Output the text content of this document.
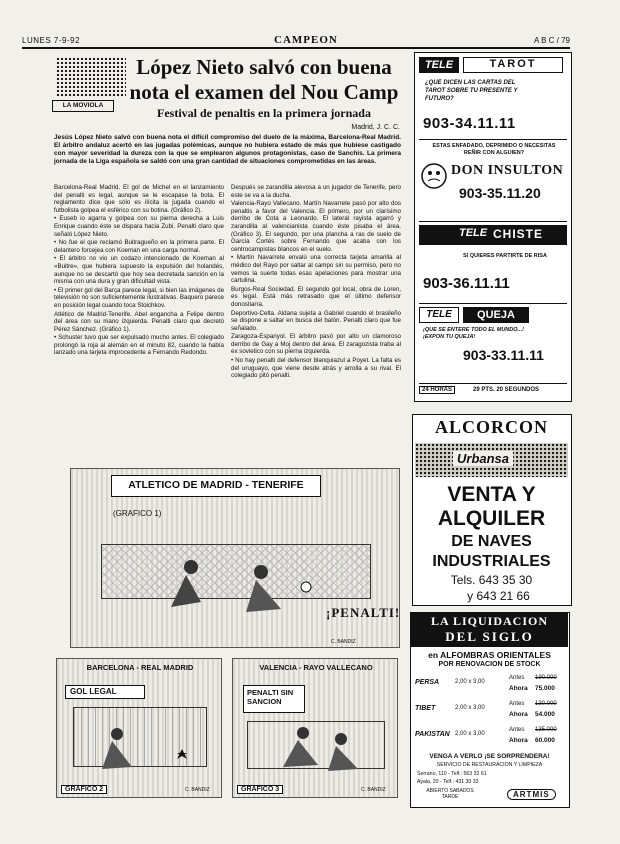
LUNES 7-9-92	CAMPEON	A B C / 79
LA MOVIOLA
López Nieto salvó con buena
nota el examen del Nou Camp
Festival de penaltis en la primera jornada
Madrid, J. C. C.
Jesús López Nieto salvó con buena nota el difícil compromiso del duelo de la máxima, Barcelona-Real Madrid. El árbitro andaluz acertó en las jugadas polémicas, aunque no hubiera estado de más que hubiese castigado con mayor severidad la dureza con la que se emplearon algunos protagonistas, caso de Sanchís. La primera jornada de la Liga española se saldó con una gran cantidad de situaciones comprometidas en las áreas.

Barcelona-Real Madrid. El gol de Michel en el lanzamiento del penalti es legal, aunque se le escapase la bota. El reglamento dice que sólo es ilícita la jugada cuando el futbolista golpea el esférico con su botina. (Gráfico 2).

• Euseb io agarra y golpea con su pierna derecha a Luis Enrique cuando éste se dispara hacia Zubi. Penalti claro que señaló López Nieto.

• No fue el que reclamó Buitragueño en la primera parte. El delantero forcejea con Koeman en una carga normal.

• El árbitro no vio un codazo intencionado de Koeman al «Buitre», que hubiera supuesto la expulsión del holandés, aunque no se descartó que hoy sea decretada sanción en la misma con una dura y gran dificultad vista.

• El primer gol del Barça parece legal, si bien las imágenes de televisión no son suficientemente ilustrativas. Baquero parece en posición legal cuando toca Stoichkov.

Atlético de Madrid-Tenerife. Abel engancha a Felipe dentro del área con su mano izquierda. Penalti claro que decretó Pérez Sánchez. (Gráfico 1).

• Schuster tuvo que ser expulsado mucho antes. El colegiado prolongó la roja al alemán en el minuto 82, cuando la había lanzado una tarjeta improcedente a Fernando Redondo.

Después se zarandilla alevosa a un jugador de Tenerife, pero este se va a la ducha.

Valencia-Rayo Vallecano. Martín Navarrete pasó por alto dos penaltis a favor del Valencia. El primero, por un clarísimo derribo de Cota a Leonardo. El lateral rayista agarró y zarandilla al valencianista cuando éste pisaba el área. (Gráfico 3). El segundo, por una plancha a ras de suelo de García Cortés sobre Fernando que acaba con los centrocampistas blancos en el suelo.

• Martín Navarrete envalú una correcta tarjeta amarilla al médico del Rayo por saltar al campo sin su permiso, pero no vemos la suerte todas esas apelaciones para mostrar una cartulina.

Burgos-Real Sociedad. El segundo gol local, obra de Loren, es legal. Está más retrasado que el último defensor donostiarra.

Deportivo-Celta. Aldana sujeta a Gabriel cuando el brasileño se dispone a saltar en busca del balón. Penalti claro que fue señalado.

Zaragoza-Espanyol. El árbitro pasó por alto un clamoroso derribo de Gay a Moj dentro del área. El zaragozista traba al ex sovietico con su pierna izquierda.

• No hay penalti del defensor blanquiazul a Poyet. La falta es del uruguayo, que viene desde atrás y arrolla a su rival. El colegiado pitó penalti.

ATLETICO DE MADRID - TENERIFE
(GRAFICO 1)
¡PENALTI!
C. BANDIZ
BARCELONA - REAL MADRID
GOL LEGAL
GRAFICO 2	C. BANDIZ
VALENCIA - RAYO VALLECANO
PENALTI SIN SANCION
GRAFICO 3	C. BANDIZ
TELE	TAROT
¿QUE DICEN LAS CARTAS DEL TAROT SOBRE TU PRESENTE Y FUTURO?
903-34.11.11
ESTAS ENFADADO, DEPRIMIDO O NECESITAS REÑIR CON ALGUIEN?
DON INSULTON
903-35.11.20
TELE CHISTE
SI QUIERES PARTIRTE DE RISA
903-36.11.11
TELE	QUEJA
¡QUE SE ENTERE TODO EL MUNDO...! ¡EXPON TU QUEJA!
903-33.11.11
24 HORAS	29 PTS. 20 SEGUNDOS
ALCORCON
Urbansa
VENTA Y
ALQUILER
DE NAVES
INDUSTRIALES
Tels. 643 35 30
y 643 21 66
LA LIQUIDACION
DEL SIGLO
en ALFOMBRAS ORIENTALES
POR RENOVACION DE STOCK
PERSA	2,00 x 3,00
Antes 190.000
Ahora 75.000
TIBET	2,00 x 3,00
Antes 130.000
Ahora 54.000
PAKISTAN 2,00 x 3,00
Antes 135.000
Ahora 60.000
VENGA A VERLO ¡SE SORPRENDERA!
SERVICIO DE RESTAURACION Y LIMPIEZA
Serrano, 110 - Telf.: 563 32 61
Ayala, 20 - Telf.: 431 30 33
ABIERTO SABADOS TARDE	ARTMIS
